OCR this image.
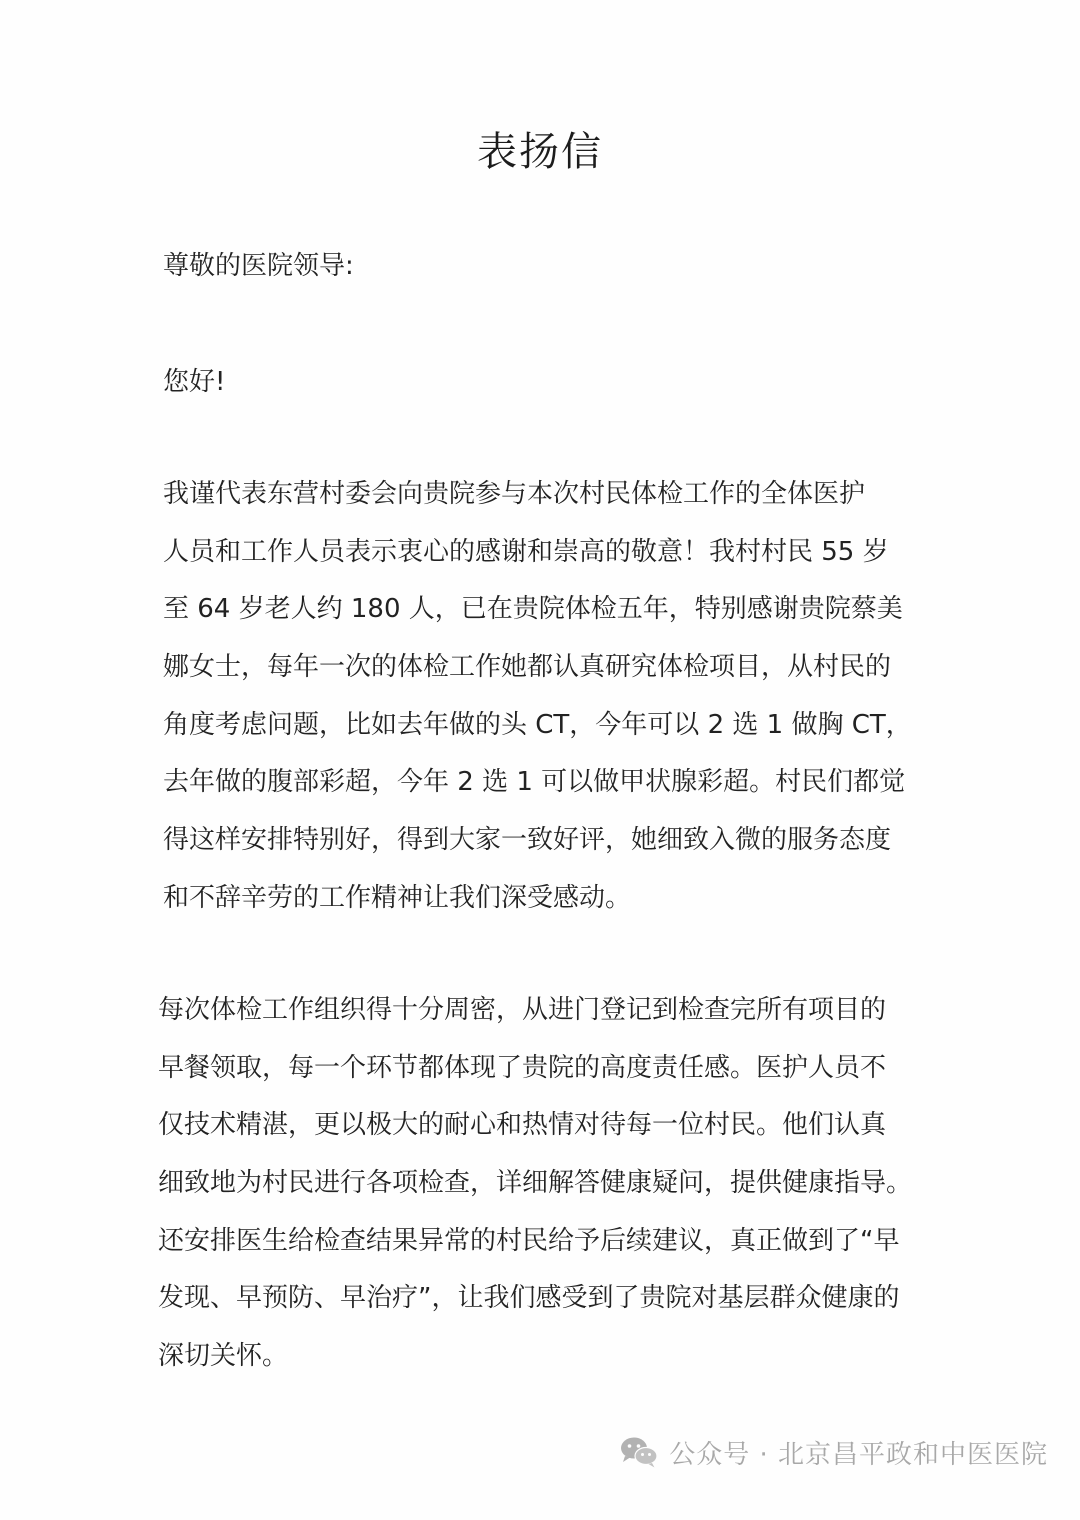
表扬信
尊敬的医院领导:
您好!
我谨代表东营村委会向贵院参与本次村民体检工作的全体医护
人员和工作人员表示衷心的感谢和崇高的敬意！我村村民 55 岁
至 64 岁老人约 180 人，已在贵院体检五年，特别感谢贵院蔡美
娜女士，每年一次的体检工作她都认真研究体检项目，从村民的
角度考虑问题，比如去年做的头 CT，今年可以 2 选 1 做胸 CT，
去年做的腹部彩超，今年 2 选 1 可以做甲状腺彩超。村民们都觉
得这样安排特别好，得到大家一致好评，她细致入微的服务态度
和不辞辛劳的工作精神让我们深受感动。
每次体检工作组织得十分周密，从进门登记到检查完所有项目的
早餐领取，每一个环节都体现了贵院的高度责任感。医护人员不
仅技术精湛，更以极大的耐心和热情对待每一位村民。他们认真
细致地为村民进行各项检查，详细解答健康疑问，提供健康指导。
还安排医生给检查结果异常的村民给予后续建议，真正做到了“早
发现、早预防、早治疗”，让我们感受到了贵院对基层群众健康的
深切关怀。
公众号 · 北京昌平政和中医医院
